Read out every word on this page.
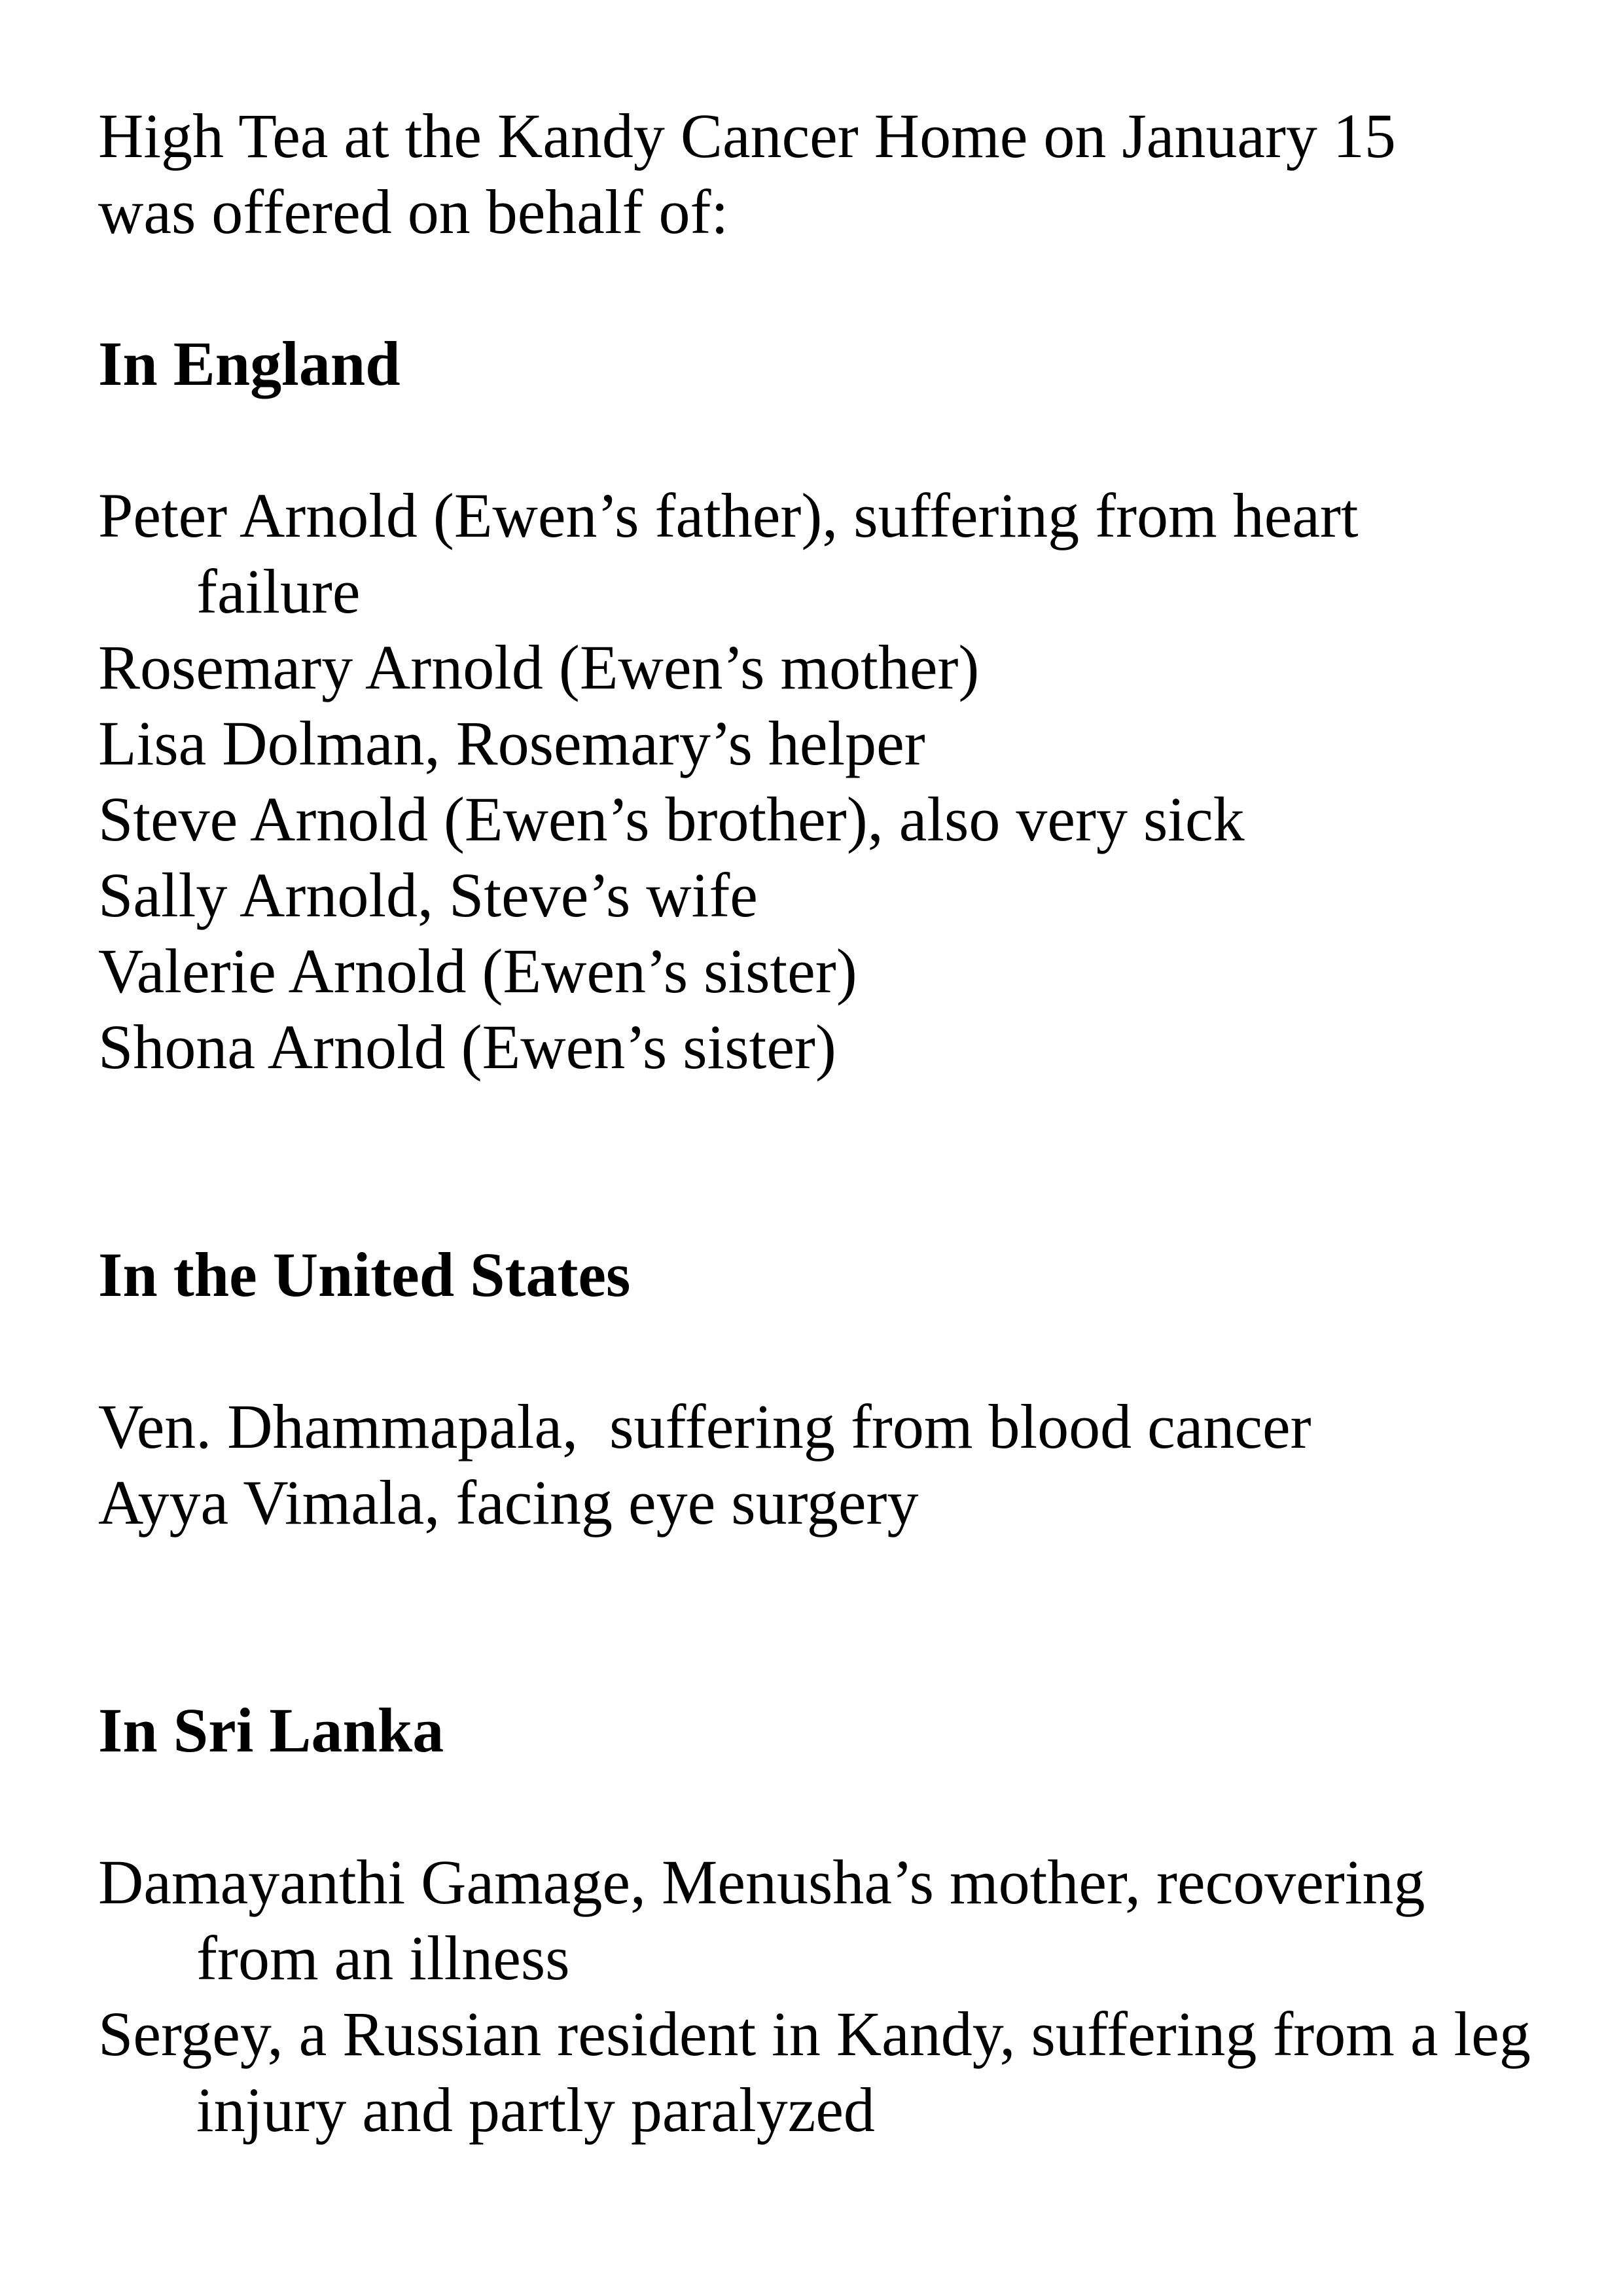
High Tea at the Kandy Cancer Home on January 15
was offered on behalf of:

In England
Peter Arnold (Ewen’s father), suffering from heart failure
Rosemary Arnold (Ewen’s mother)
Lisa Dolman, Rosemary’s helper
Steve Arnold (Ewen’s brother), also very sick
Sally Arnold, Steve’s wife
Valerie Arnold (Ewen’s sister)
Shona Arnold (Ewen’s sister)
In the United States
Ven. Dhammapala,  suffering from blood cancer
Ayya Vimala, facing eye surgery
In Sri Lanka
Damayanthi Gamage, Menusha’s mother, recovering from an illness
Sergey, a Russian resident in Kandy, suffering from a leg injury and partly paralyzed
